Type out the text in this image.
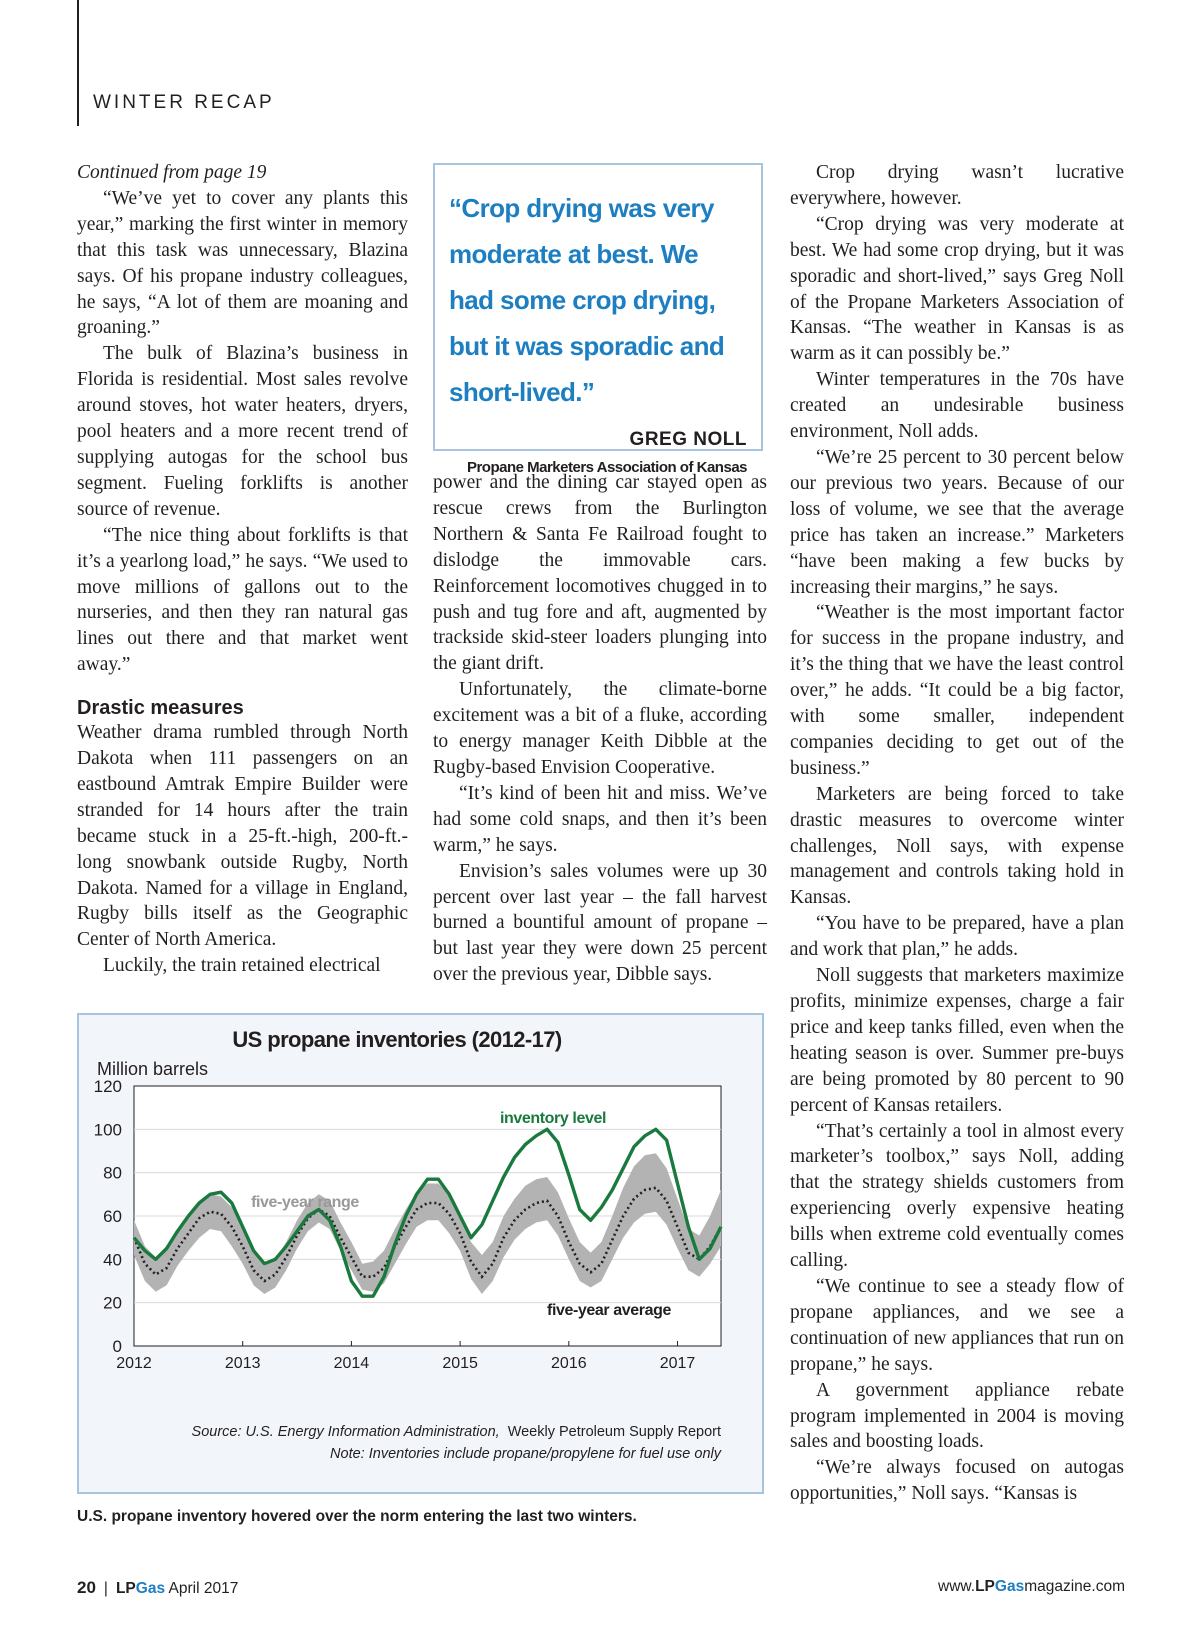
WINTER RECAP

Continued from page 19

“We’ve yet to cover any plants this year,” marking the first winter in memory that this task was unnecessary, Blazina says. Of his propane industry colleagues, he says, “A lot of them are moaning and groaning.”

The bulk of Blazina’s business in Florida is residential. Most sales revolve around stoves, hot water heaters, dryers, pool heaters and a more recent trend of supplying autogas for the school bus segment. Fueling forklifts is another source of revenue.

“The nice thing about forklifts is that it’s a yearlong load,” he says. “We used to move millions of gallons out to the nurseries, and then they ran natural gas lines out there and that market went away.”

Drastic measures

Weather drama rumbled through North Dakota when 111 passengers on an eastbound Amtrak Empire Builder were stranded for 14 hours after the train became stuck in a 25-ft.-high, 200-ft.-long snowbank outside Rugby, North Dakota. Named for a village in England, Rugby bills itself as the Geographic Center of North America.

Luckily, the train retained electrical

“Crop drying was very moderate at best. We had some crop drying, but it was sporadic and short-lived.”
GREG NOLL
Propane Marketers Association of Kansas

power and the dining car stayed open as rescue crews from the Burlington Northern & Santa Fe Railroad fought to dislodge the immovable cars. Reinforcement locomotives chugged in to push and tug fore and aft, augmented by trackside skid-steer loaders plunging into the giant drift.

Unfortunately, the climate-borne excitement was a bit of a fluke, according to energy manager Keith Dibble at the Rugby-based Envision Cooperative.

“It’s kind of been hit and miss. We’ve had some cold snaps, and then it’s been warm,” he says.

Envision’s sales volumes were up 30 percent over last year – the fall harvest burned a bountiful amount of propane – but last year they were down 25 percent over the previous year, Dibble says.

Crop drying wasn’t lucrative everywhere, however.

“Crop drying was very moderate at best. We had some crop drying, but it was sporadic and short-lived,” says Greg Noll of the Propane Marketers Association of Kansas. “The weather in Kansas is as warm as it can possibly be.”

Winter temperatures in the 70s have created an undesirable business environment, Noll adds.

“We’re 25 percent to 30 percent below our previous two years. Because of our loss of volume, we see that the average price has taken an increase.” Marketers “have been making a few bucks by increasing their margins,” he says.

“Weather is the most important factor for success in the propane industry, and it’s the thing that we have the least control over,” he adds. “It could be a big factor, with some smaller, independent companies deciding to get out of the business.”

Marketers are being forced to take drastic measures to overcome winter challenges, Noll says, with expense management and controls taking hold in Kansas.

“You have to be prepared, have a plan and work that plan,” he adds.

Noll suggests that marketers maximize profits, minimize expenses, charge a fair price and keep tanks filled, even when the heating season is over. Summer pre-buys are being promoted by 80 percent to 90 percent of Kansas retailers.

“That’s certainly a tool in almost every marketer’s toolbox,” says Noll, adding that the strategy shields customers from experiencing overly expensive heating bills when extreme cold eventually comes calling.

“We continue to see a steady flow of propane appliances, and we see a continuation of new appliances that run on propane,” he says.

A government appliance rebate program implemented in 2004 is moving sales and boosting loads.

“We’re always focused on autogas opportunities,” Noll says. “Kansas is

0
20
40
60
80
100
120
2012	2013	2014	2015	2016	2017
US propane inventories (2012-17)
Million barrels
inventory level
five-year range
five-year average
Source: U.S. Energy Information Administration, Weekly Petroleum Supply Report
Note: Inventories include propane/propylene for fuel use only
U.S. propane inventory hovered over the norm entering the last two winters.
20 | LPGas April 2017	www.LPGasmagazine.com
